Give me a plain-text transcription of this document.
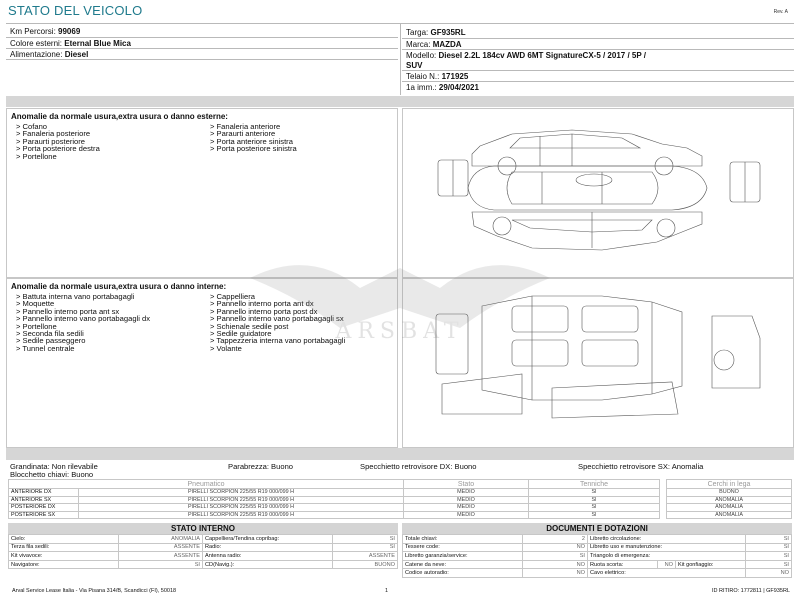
STATO DEL VEICOLO	Rev. A
Km Percorsi: 99069
Colore esterni: Eternal Blue Mica
Alimentazione: Diesel
Targa: GF935RL
Marca: MAZDA
Modello: Diesel 2.2L 184cv AWD 6MT SignatureCX-5 / 2017 / 5P /
SUV
Telaio N.: 171925
1a imm.: 29/04/2021
Anomalie da normale usura,extra usura o danno esterne:
> Cofano
> Fanaleria posteriore
> Paraurti posteriore
> Porta posteriore destra
> Portellone
> Fanaleria anteriore
> Paraurti anteriore
> Porta anteriore sinistra
> Porta posteriore sinistra
Anomalie da normale usura,extra usura o danno interne:
> Battuta interna vano portabagagli
> Moquette
> Pannello interno porta ant sx
> Pannello interno vano portabagagli dx
> Portellone
> Seconda fila sedili
> Sedile passeggero
> Tunnel centrale
> Cappelliera
> Pannello interno porta ant dx
> Pannello interno porta post dx
> Pannello interno vano portabagagli sx
> Schienale sedile post
> Sedile guidatore
> Tappezzeria interna vano portabagagli
> Volante
ARSBAT
Grandinata: Non rilevabile	Parabrezza: Buono	Specchietto retrovisore DX: Buono	Specchietto retrovisore SX: Anomalia
Blocchetto chiavi: Buono
Pneumatico		Stato	Tenniche
ANTERIORE DX	PIRELLI SCORPION 225/55 R19 000/099 H	MEDIO	SI
ANTERIORE SX	PIRELLI SCORPION 225/55 R19 000/099 H	MEDIO	SI
POSTERIORE DX	PIRELLI SCORPION 225/55 R19 000/099 H	MEDIO	SI
POSTERIORE SX	PIRELLI SCORPION 225/55 R19 000/099 H	MEDIO	SI
Cerchi in lega
BUONO
ANOMALIA
ANOMALIA
ANOMALIA
STATO INTERNO
Cielo:	ANOMALIA	Cappelliera/Tendina copribag:	SI
Terza fila sedili:	ASSENTE	Radio:	SI
Kit vivavoce:	ASSENTE	Antenna radio:	ASSENTE
Navigatore:	SI	CD(Navig.):	BUONO
DOCUMENTI E DOTAZIONI
Totale chiavi:	2	Libretto circolazione:			SI
Tessere code:	NO	Libretto uso e manutenzione:			SI
Libretto garanzia/service:	SI	Triangolo di emergenza:			SI
Catene da neve:	NO	Ruota scorta:	NO	Kit gonfiaggio:	SI
Codice autoradio:	NO	Cavo elettrico:			NO
Arval Service Lease Italia - Via Pisana 314/B, Scandicci (FI), 50018	1	ID RITIRO: 1772811 | GF935RL
